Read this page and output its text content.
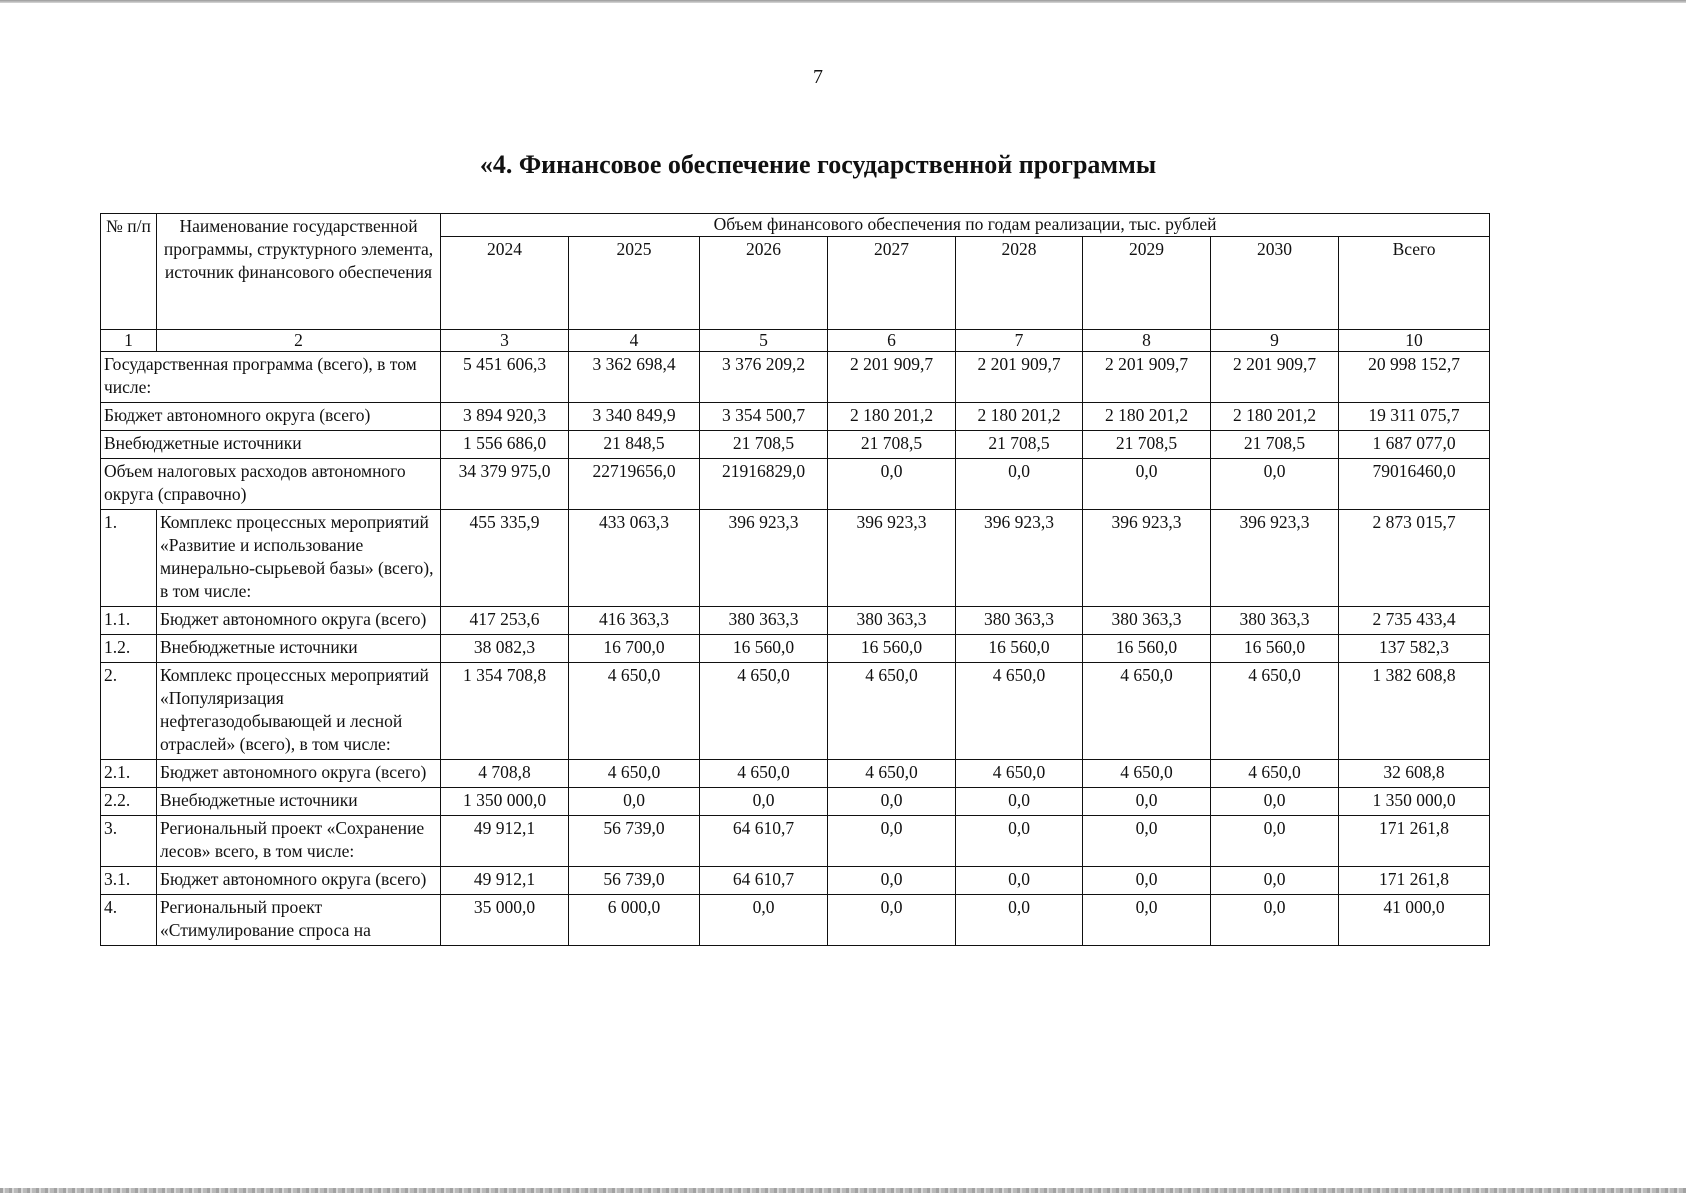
7
«4. Финансовое обеспечение государственной программы
№ п/п	Наименование государственной программы, структурного элемента, источник финансового обеспечения	Объем финансового обеспечения по годам реализации, тыс. рублей							
		2024	2025	2026	2027	2028	2029	2030	Всего
1	2	3	4	5	6	7	8	9	10
Государственная программа (всего), в том числе:		5 451 606,3	3 362 698,4	3 376 209,2	2 201 909,7	2 201 909,7	2 201 909,7	2 201 909,7	20 998 152,7
Бюджет автономного округа (всего)		3 894 920,3	3 340 849,9	3 354 500,7	2 180 201,2	2 180 201,2	2 180 201,2	2 180 201,2	19 311 075,7
Внебюджетные источники		1 556 686,0	21 848,5	21 708,5	21 708,5	21 708,5	21 708,5	21 708,5	1 687 077,0
Объем налоговых расходов автономного округа (справочно)		34 379 975,0	22719656,0	21916829,0	0,0	0,0	0,0	0,0	79016460,0
1.	Комплекс процессных мероприятий «Развитие и использование минерально-сырьевой базы» (всего), в том числе:	455 335,9	433 063,3	396 923,3	396 923,3	396 923,3	396 923,3	396 923,3	2 873 015,7
1.1.	Бюджет автономного округа (всего)	417 253,6	416 363,3	380 363,3	380 363,3	380 363,3	380 363,3	380 363,3	2 735 433,4
1.2.	Внебюджетные источники	38 082,3	16 700,0	16 560,0	16 560,0	16 560,0	16 560,0	16 560,0	137 582,3
2.	Комплекс процессных мероприятий «Популяризация нефтегазодобывающей и лесной отраслей» (всего), в том числе:	1 354 708,8	4 650,0	4 650,0	4 650,0	4 650,0	4 650,0	4 650,0	1 382 608,8
2.1.	Бюджет автономного округа (всего)	4 708,8	4 650,0	4 650,0	4 650,0	4 650,0	4 650,0	4 650,0	32 608,8
2.2.	Внебюджетные источники	1 350 000,0	0,0	0,0	0,0	0,0	0,0	0,0	1 350 000,0
3.	Региональный проект «Сохранение лесов» всего, в том числе:	49 912,1	56 739,0	64 610,7	0,0	0,0	0,0	0,0	171 261,8
3.1.	Бюджет автономного округа (всего)	49 912,1	56 739,0	64 610,7	0,0	0,0	0,0	0,0	171 261,8
4.	Региональный проект «Стимулирование спроса на	35 000,0	6 000,0	0,0	0,0	0,0	0,0	0,0	41 000,0
